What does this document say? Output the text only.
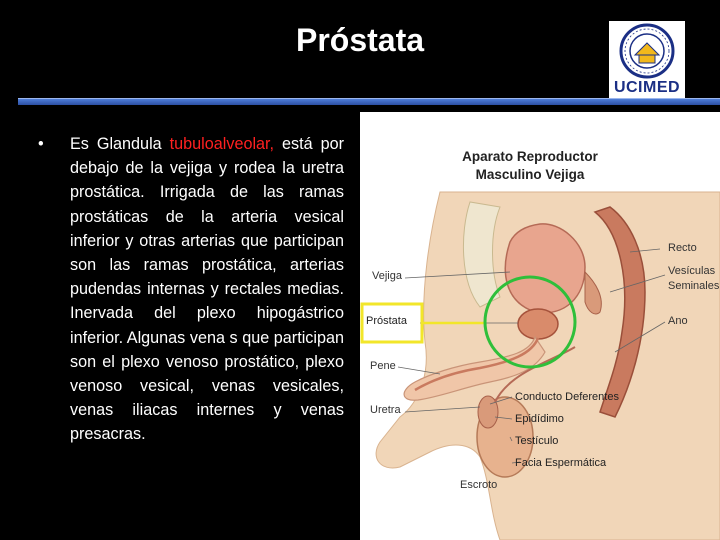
Próstata
UCIMED
• Es Glandula tubuloalveolar, está por debajo de la vejiga y rodea la uretra prostática. Irrigada de las ramas prostáticas de la arteria vesical inferior y otras arterias que participan son las ramas prostática, arterias pudendas internas y rectales medias. Inervada del plexo hipogástrico inferior. Algunas vena s que participan son el plexo venoso prostático, plexo venoso vesical, venas vesicales, venas iliacas internes y venas presacras.
Aparato Reproductor
Masculino Vejiga
Vejiga
Próstata
Pene
Uretra
Recto
Vesículas
Seminales
Ano
Conducto Deferentes
Epidídimo
Testículo
Facia Espermática
Escroto
